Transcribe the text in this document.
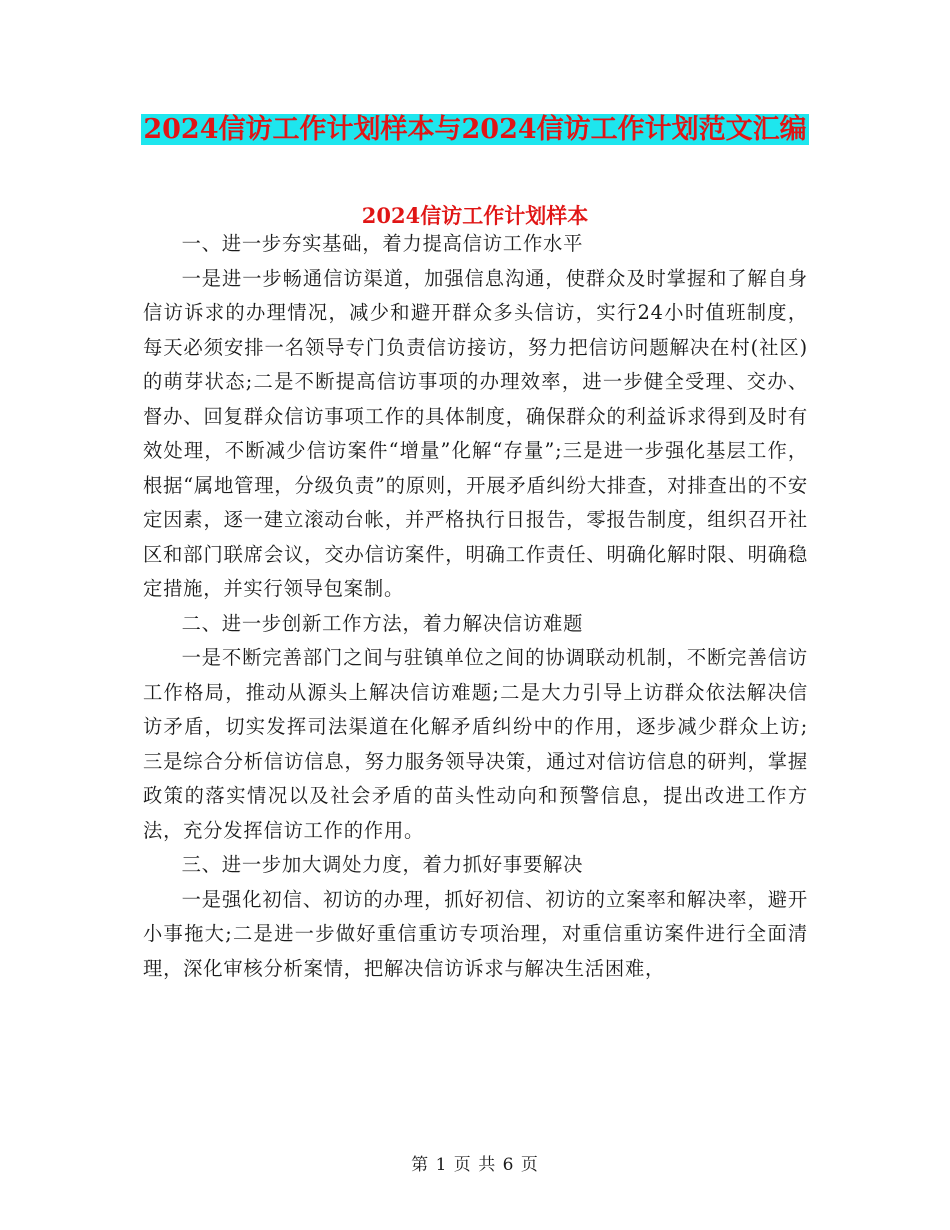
2024信访工作计划样本与2024信访工作计划范文汇编
2024信访工作计划样本

一、进一步夯实基础，着力提高信访工作水平

一是进一步畅通信访渠道，加强信息沟通，使群众及时掌握和了解自身信访诉求的办理情况，减少和避开群众多头信访，实行24小时值班制度，每天必须安排一名领导专门负责信访接访，努力把信访问题解决在村(社区)的萌芽状态;二是不断提高信访事项的办理效率，进一步健全受理、交办、督办、回复群众信访事项工作的具体制度，确保群众的利益诉求得到及时有效处理，不断减少信访案件“增量”化解“存量”;三是进一步强化基层工作，根据“属地管理，分级负责”的原则，开展矛盾纠纷大排查，对排查出的不安定因素，逐一建立滚动台帐，并严格执行日报告，零报告制度，组织召开社区和部门联席会议，交办信访案件，明确工作责任、明确化解时限、明确稳定措施，并实行领导包案制。

二、进一步创新工作方法，着力解决信访难题

一是不断完善部门之间与驻镇单位之间的协调联动机制，不断完善信访工作格局，推动从源头上解决信访难题;二是大力引导上访群众依法解决信访矛盾，切实发挥司法渠道在化解矛盾纠纷中的作用，逐步减少群众上访;三是综合分析信访信息，努力服务领导决策，通过对信访信息的研判，掌握政策的落实情况以及社会矛盾的苗头性动向和预警信息，提出改进工作方法，充分发挥信访工作的作用。

三、进一步加大调处力度，着力抓好事要解决

一是强化初信、初访的办理，抓好初信、初访的立案率和解决率，避开小事拖大;二是进一步做好重信重访专项治理，对重信重访案件进行全面清理，深化审核分析案情，把解决信访诉求与解决生活困难，

第 1 页 共 6 页
